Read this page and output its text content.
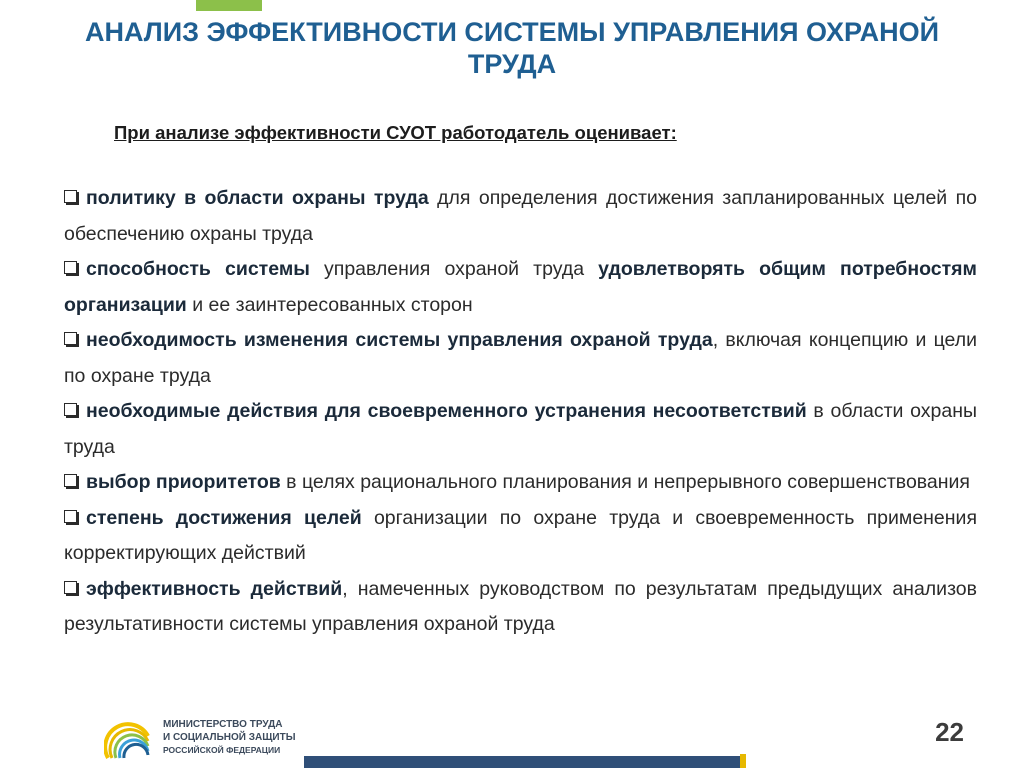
АНАЛИЗ ЭФФЕКТИВНОСТИ СИСТЕМЫ УПРАВЛЕНИЯ ОХРАНОЙ ТРУДА

При анализе эффективности СУОТ работодатель оценивает:

политику в области охраны труда для определения достижения запланированных целей по обеспечению охраны труда
способность системы управления охраной труда удовлетворять общим потребностям организации и ее заинтересованных сторон
необходимость изменения системы управления охраной труда, включая концепцию и цели по охране труда
необходимые действия для своевременного устранения несоответствий в области охраны труда
выбор приоритетов в целях рационального планирования и непрерывного совершенствования
степень достижения целей организации по охране труда и своевременность применения корректирующих действий
эффективность действий, намеченных руководством по результатам предыдущих анализов результативности системы управления охраной труда
МИНИСТЕРСТВО ТРУДА
И СОЦИАЛЬНОЙ ЗАЩИТЫ
РОССИЙСКОЙ ФЕДЕРАЦИИ
22
